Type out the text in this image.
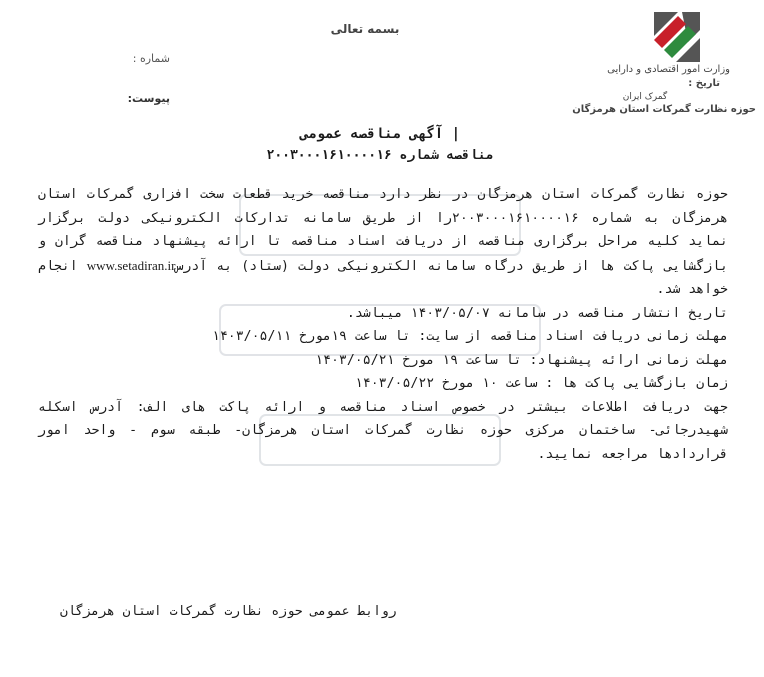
بسمه تعالی
شماره :
پیوست:
وزارت امور اقتصادی و دارایی
تاریخ :
گمرک ایران
حوزه نظارت گمرکات استان هرمزگان
| آگهی مناقصه عمومی
مناقصه شماره ۲۰۰۳۰۰۰۱۶۱۰۰۰۰۱۶

حوزه نظارت گمرکات استان هرمزگان در نظر دارد مناقصه خرید قطعات سخت افزاری گمرکات استان هرمزگان به شماره ۲۰۰۳۰۰۰۱۶۱۰۰۰۰۱۶را از طریق سامانه تدارکات الکترونیکی دولت برگزار نماید کلیه مراحل برگزاری مناقصه از دریافت اسناد مناقصه تا ارائه پیشنهاد مناقصه گران و بازگشایی پاکت ها از طریق درگاه سامانه الکترونیکی دولت (ستاد) به آدرسwww.setadiran.ir انجام خواهد شد.

تاریخ انتشار مناقصه در سامانه ۱۴۰۳/۰۵/۰۷ میباشد.

مهلت زمانی دریافت اسناد مناقصه از سایت: تا ساعت ۱۹مورخ ۱۴۰۳/۰۵/۱۱

مهلت زمانی ارائه پیشنهاد: تا ساعت ۱۹ مورخ ۱۴۰۳/۰۵/۲۱

زمان بازگشایی پاکت ها : ساعت ۱۰ مورخ ۱۴۰۳/۰۵/۲۲

جهت دریافت اطلاعات بیشتر در خصوص اسناد مناقصه و ارائه پاکت های الف: آدرس اسکله شهیدرجائی- ساختمان مرکزی حوزه نظارت گمرکات استان هرمزگان- طبقه سوم - واحد امور قراردادها مراجعه نمایید.

روابط عمومی حوزه نظارت گمرکات استان هرمزگان
